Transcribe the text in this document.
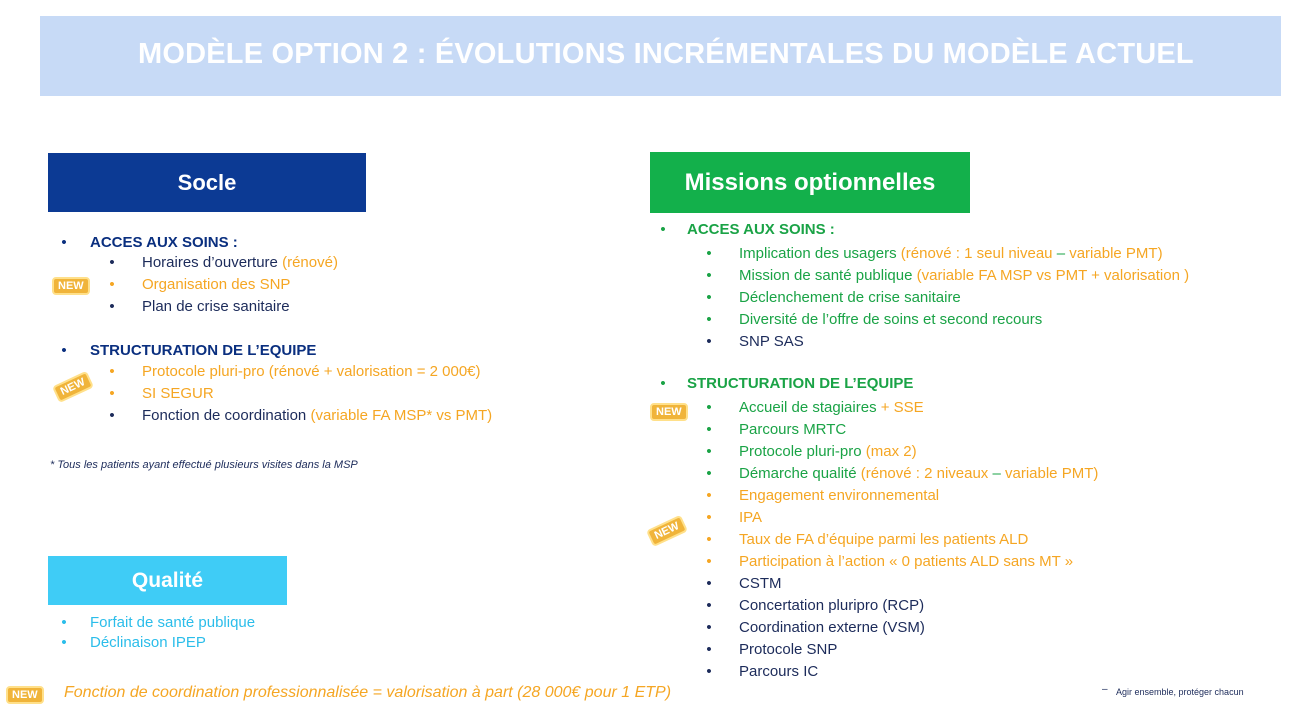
MODÈLE OPTION 2 : ÉVOLUTIONS INCRÉMENTALES DU MODÈLE ACTUEL
Socle
•	ACCES AUX SOINS :
•	Horaires d’ouverture (rénové)
•	Organisation des SNP
NEW
•	Plan de crise sanitaire
•	STRUCTURATION DE L’EQUIPE
•	Protocole pluri-pro (rénové + valorisation = 2 000€)
NEW	•	SI SEGUR
•	Fonction de coordination (variable FA MSP* vs PMT)
* Tous les patients ayant effectué plusieurs visites dans la MSP
Qualité
•	Forfait de santé publique
•	Déclinaison IPEP
Missions optionnelles
•	ACCES AUX SOINS :
•	Implication des usagers (rénové : 1 seul niveau – variable PMT)
•	Mission de santé publique (variable FA MSP vs PMT + valorisation )
•	Déclenchement de crise sanitaire
•	Diversité de l’offre de soins et second recours
•	SNP SAS
•	STRUCTURATION DE L’EQUIPE
NEW	•	Accueil de stagiaires + SSE
•	Parcours MRTC
•	Protocole pluri-pro (max 2)
•	Démarche qualité (rénové : 2 niveaux – variable PMT)
•	Engagement environnemental
•	IPA
NEW	•	Taux de FA d’équipe parmi les patients ALD
•	Participation à l’action « 0 patients ALD sans MT »
•	CSTM
•	Concertation pluripro (RCP)
•	Coordination externe (VSM)
•	Protocole SNP
•	Parcours IC
NEW	Fonction de coordination professionnalisée = valorisation à part (28 000€ pour 1 ETP)	– Agir ensemble, protéger chacun
